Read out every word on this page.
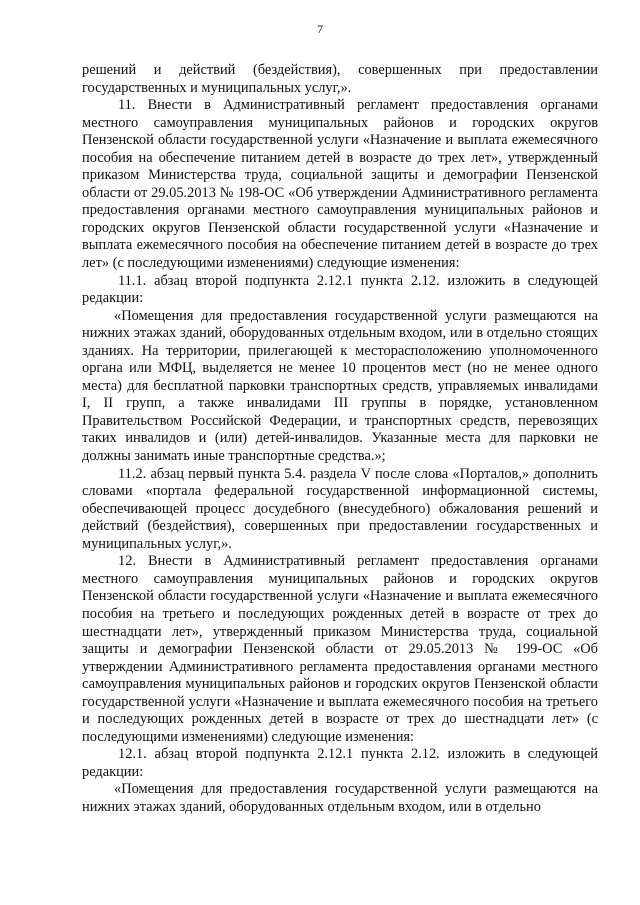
7

решений и действий (бездействия), совершенных при предоставлении государственных и муниципальных услуг,».

11. Внести в Административный регламент предоставления органами местного самоуправления муниципальных районов и городских округов Пензенской области государственной услуги «Назначение и выплата ежемесячного пособия на обеспечение питанием детей в возрасте до трех лет», утвержденный приказом Министерства труда, социальной защиты и демографии Пензенской области от 29.05.2013 № 198-ОС «Об утверждении Административного регламента предоставления органами местного самоуправления муниципальных районов и городских округов Пензенской области государственной услуги «Назначение и выплата ежемесячного пособия на обеспечение питанием детей в возрасте до трех лет» (с последующими изменениями) следующие изменения:

11.1. абзац второй подпункта 2.12.1 пункта 2.12. изложить в следующей редакции:

«Помещения для предоставления государственной услуги размещаются на нижних этажах зданий, оборудованных отдельным входом, или в отдельно стоящих зданиях. На территории, прилегающей к месторасположению уполномоченного органа или МФЦ, выделяется не менее 10 процентов мест (но не менее одного места) для бесплатной парковки транспортных средств, управляемых инвалидами I, II групп, а также инвалидами III группы в порядке, установленном Правительством Российской Федерации, и транспортных средств, перевозящих таких инвалидов и (или) детей-инвалидов. Указанные места для парковки не должны занимать иные транспортные средства.»;

11.2. абзац первый пункта 5.4. раздела V после слова «Порталов,» дополнить словами «портала федеральной государственной информационной системы, обеспечивающей процесс досудебного (внесудебного) обжалования решений и действий (бездействия), совершенных при предоставлении государственных и муниципальных услуг,».

12. Внести в Административный регламент предоставления органами местного самоуправления муниципальных районов и городских округов Пензенской области государственной услуги «Назначение и выплата ежемесячного пособия на третьего и последующих рожденных детей в возрасте от трех до шестнадцати лет», утвержденный приказом Министерства труда, социальной защиты и демографии Пензенской области от 29.05.2013 № 199-ОС «Об утверждении Административного регламента предоставления органами местного самоуправления муниципальных районов и городских округов Пензенской области государственной услуги «Назначение и выплата ежемесячного пособия на третьего и последующих рожденных детей в возрасте от трех до шестнадцати лет» (с последующими изменениями) следующие изменения:

12.1. абзац второй подпункта 2.12.1 пункта 2.12. изложить в следующей редакции:

«Помещения для предоставления государственной услуги размещаются на нижних этажах зданий, оборудованных отдельным входом, или в отдельно
